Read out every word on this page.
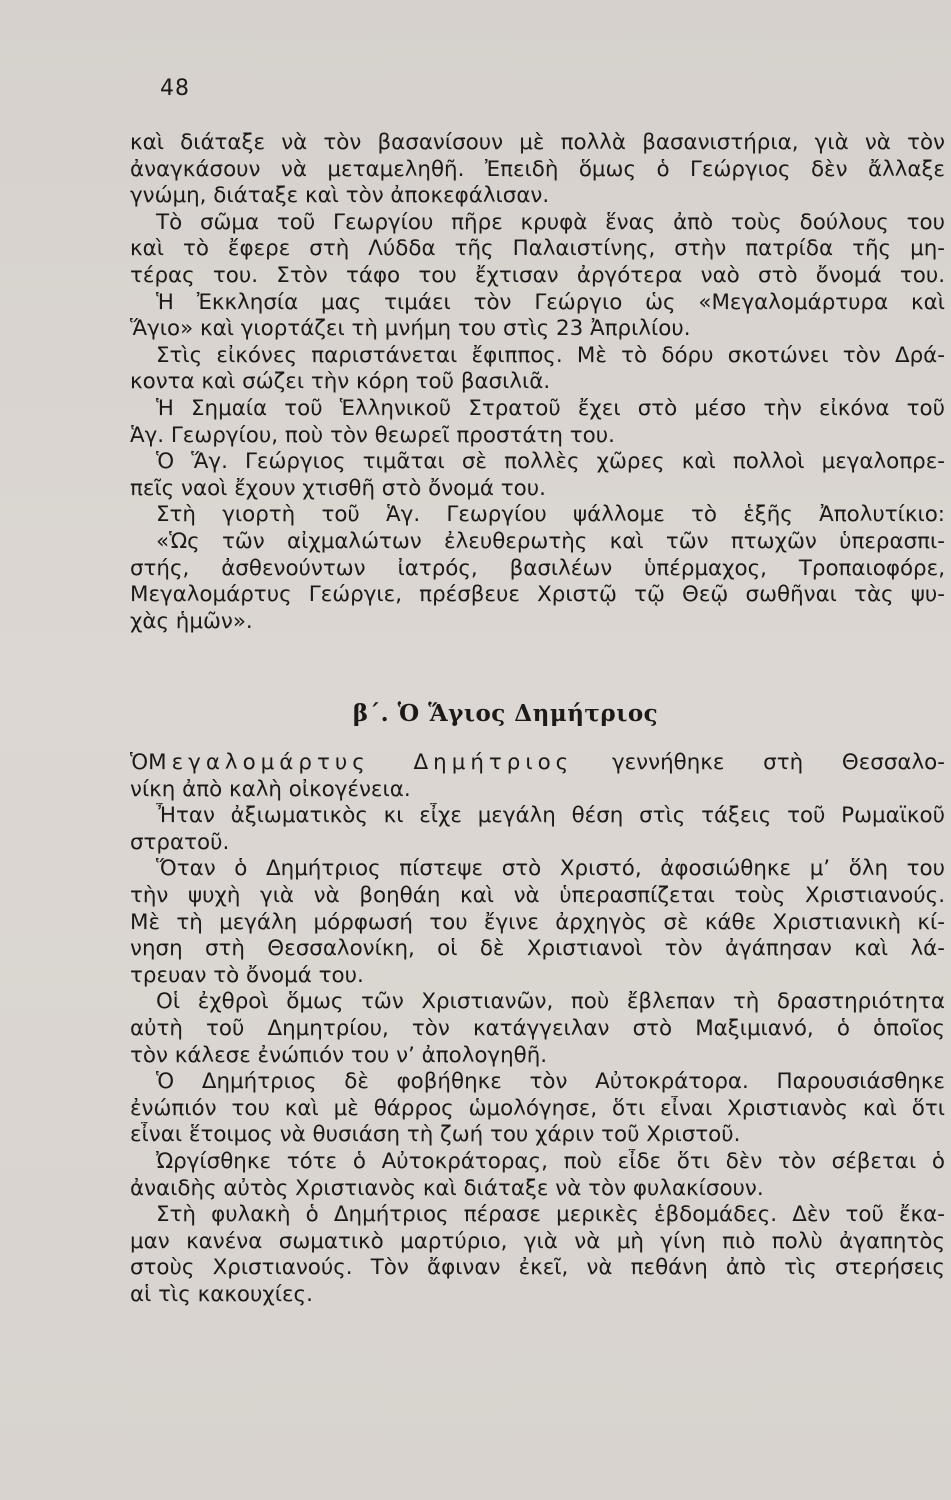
48
καὶ διάταξε νὰ τὸν βασανίσουν μὲ πολλὰ βασανιστήρια, γιὰ νὰ τὸν
ἀναγκάσουν νὰ μεταμεληθῆ. Ἐπειδὴ ὅμως ὁ Γεώργιος δὲν ἄλλαξε
γνώμη, διάταξε καὶ τὸν ἀποκεφάλισαν.
Τὸ σῶμα τοῦ Γεωργίου πῆρε κρυφὰ ἕνας ἀπὸ τοὺς δούλους του
καὶ τὸ ἔφερε στὴ Λύδδα τῆς Παλαιστίνης, στὴν πατρίδα τῆς μη-
τέρας του. Στὸν τάφο του ἔχτισαν ἀργότερα ναὸ στὸ ὄνομά του.
Ἡ Ἐκκλησία μας τιμάει τὸν Γεώργιο ὡς «Μεγαλομάρτυρα καὶ
Ἅγιο» καὶ γιορτάζει τὴ μνήμη του στὶς 23 Ἀπριλίου.
Στὶς εἰκόνες παριστάνεται ἔφιππος. Μὲ τὸ δόρυ σκοτώνει τὸν Δρά-
κοντα καὶ σώζει τὴν κόρη τοῦ βασιλιᾶ.
Ἡ Σημαία τοῦ Ἑλληνικοῦ Στρατοῦ ἔχει στὸ μέσο τὴν εἰκόνα τοῦ
Ἁγ. Γεωργίου, ποὺ τὸν θεωρεῖ προστάτη του.
Ὁ Ἅγ. Γεώργιος τιμᾶται σὲ πολλὲς χῶρες καὶ πολλοὶ μεγαλοπρε-
πεῖς ναοὶ ἔχουν χτισθῆ στὸ ὄνομά του.
Στὴ γιορτὴ τοῦ Ἁγ. Γεωργίου ψάλλομε τὸ ἑξῆς Ἀπολυτίκιο:
«Ὡς τῶν αἰχμαλώτων ἐλευθερωτὴς καὶ τῶν πτωχῶν ὑπερασπι-
στής, ἀσθενούντων ἰατρός, βασιλέων ὑπέρμαχος, Τροπαιοφόρε,
Μεγαλομάρτυς Γεώργιε, πρέσβευε Χριστῷ τῷ Θεῷ σωθῆναι τὰς ψυ-
χὰς ἡμῶν».
β΄. Ὁ Ἅγιος Δημήτριος
ὉΜεγαλομάρτυς Δημήτριος γεννήθηκε στὴ Θεσσαλο-
νίκη ἀπὸ καλὴ οἰκογένεια.
Ἦταν ἀξιωματικὸς κι εἶχε μεγάλη θέση στὶς τάξεις τοῦ Ρωμαϊκοῦ
στρατοῦ.
Ὅταν ὁ Δημήτριος πίστεψε στὸ Χριστό, ἀφοσιώθηκε μ’ ὅλη του
τὴν ψυχὴ γιὰ νὰ βοηθάη καὶ νὰ ὑπερασπίζεται τοὺς Χριστιανούς.
Μὲ τὴ μεγάλη μόρφωσή του ἔγινε ἀρχηγὸς σὲ κάθε Χριστιανικὴ κί-
νηση στὴ Θεσσαλονίκη, οἱ δὲ Χριστιανοὶ τὸν ἀγάπησαν καὶ λά-
τρευαν τὸ ὄνομά του.
Οἱ ἐχθροὶ ὅμως τῶν Χριστιανῶν, ποὺ ἔβλεπαν τὴ δραστηριότητα
αὐτὴ τοῦ Δημητρίου, τὸν κατάγγειλαν στὸ Μαξιμιανό, ὁ ὁποῖος
τὸν κάλεσε ἐνώπιόν του ν’ ἀπολογηθῆ.
Ὁ Δημήτριος δὲ φοβήθηκε τὸν Αὐτοκράτορα. Παρουσιάσθηκε
ἐνώπιόν του καὶ μὲ θάρρος ὡμολόγησε, ὅτι εἶναι Χριστιανὸς καὶ ὅτι
εἶναι ἕτοιμος νὰ θυσιάση τὴ ζωή του χάριν τοῦ Χριστοῦ.
Ὠργίσθηκε τότε ὁ Αὐτοκράτορας, ποὺ εἶδε ὅτι δὲν τὸν σέβεται ὁ
ἀναιδὴς αὐτὸς Χριστιανὸς καὶ διάταξε νὰ τὸν φυλακίσουν.
Στὴ φυλακὴ ὁ Δημήτριος πέρασε μερικὲς ἑβδομάδες. Δὲν τοῦ ἔκα-
μαν κανένα σωματικὸ μαρτύριο, γιὰ νὰ μὴ γίνη πιὸ πολὺ ἀγαπητὸς
στοὺς Χριστιανούς. Τὸν ἄφιναν ἐκεῖ, νὰ πεθάνη ἀπὸ τὶς στερήσεις
αἱ τὶς κακουχίες.
